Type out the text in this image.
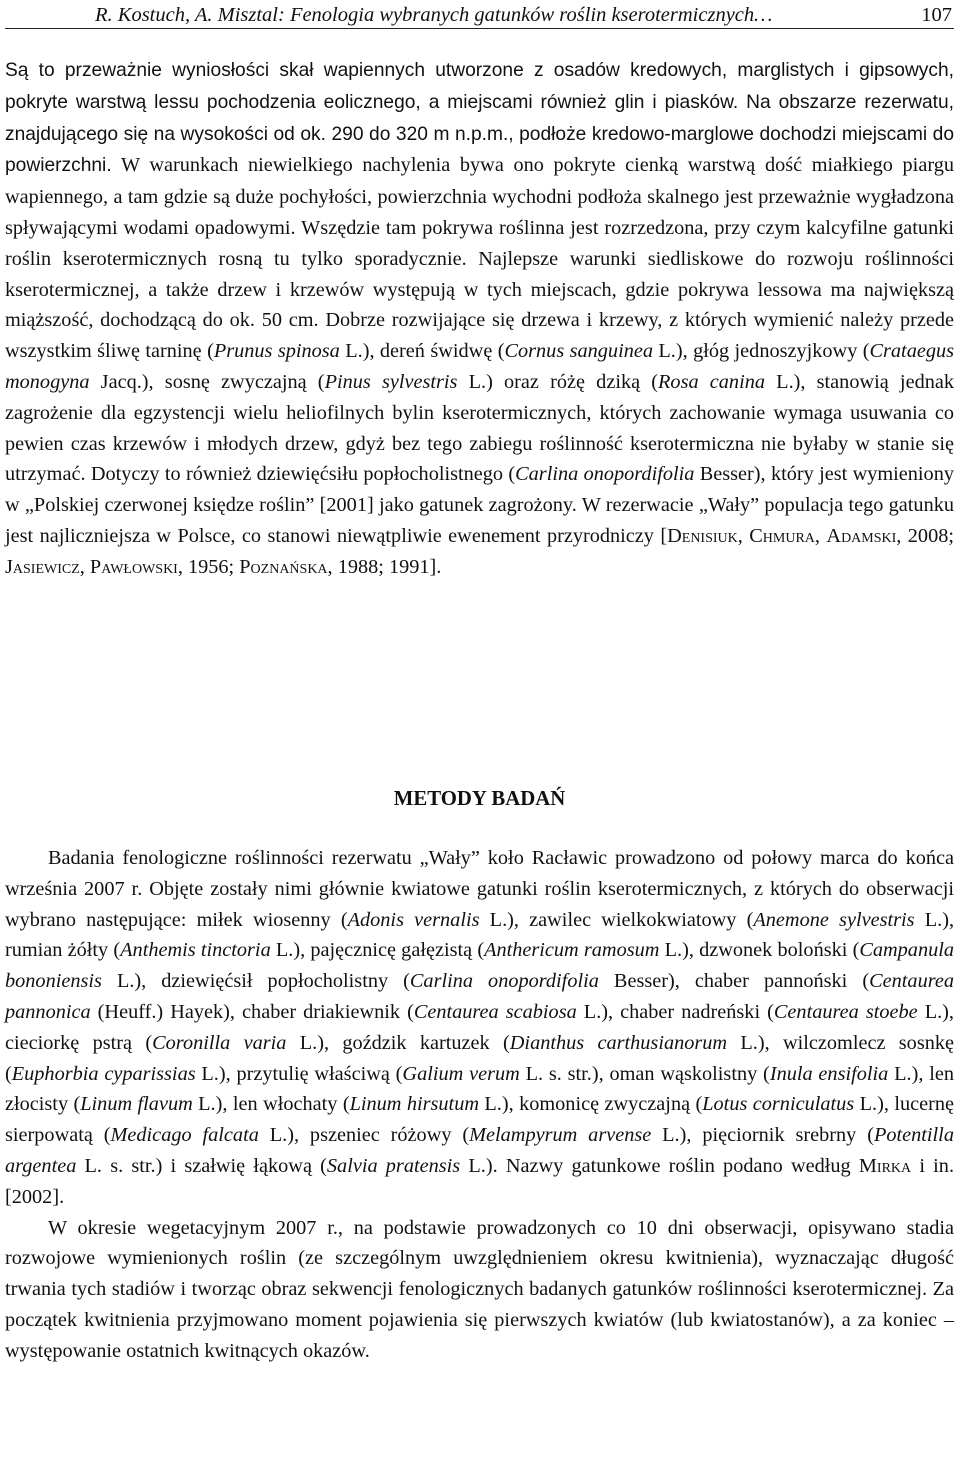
R. Kostuch, A. Misztal: Fenologia wybranych gatunków roślin kserotermicznych…	107

Są to przeważnie wyniosłości skał wapiennych utworzone z osadów kredowych, marglistych i gipsowych, pokryte warstwą lessu pochodzenia eolicznego, a miejscami również glin i piasków. Na obszarze rezerwatu, znajdującego się na wysokości od ok. 290 do 320 m n.p.m., podłoże kredowo-marglowe dochodzi miejscami do powierzchni. W warunkach niewielkiego nachylenia bywa ono pokryte cienką warstwą dość miałkiego piargu wapiennego, a tam gdzie są duże pochyłości, powierzchnia wychodni podłoża skalnego jest przeważnie wygładzona spływającymi wodami opadowymi. Wszędzie tam pokrywa roślinna jest rozrzedzona, przy czym kalcyfilne gatunki roślin kserotermicznych rosną tu tylko sporadycznie. Najlepsze warunki siedliskowe do rozwoju roślinności kserotermicznej, a także drzew i krzewów występują w tych miejscach, gdzie pokrywa lessowa ma największą miąższość, dochodzącą do ok. 50 cm. Dobrze rozwijające się drzewa i krzewy, z których wymienić należy przede wszystkim śliwę tarninę (Prunus spinosa L.), dereń świdwę (Cornus sanguinea L.), głóg jednoszyjkowy (Crataegus monogyna Jacq.), sosnę zwyczajną (Pinus sylvestris L.) oraz różę dziką (Rosa canina L.), stanowią jednak zagrożenie dla egzystencji wielu heliofilnych bylin kserotermicznych, których zachowanie wymaga usuwania co pewien czas krzewów i młodych drzew, gdyż bez tego zabiegu roślinność kserotermiczna nie byłaby w stanie się utrzymać. Dotyczy to również dziewięćsiłu popłocholistnego (Carlina onopordifolia Besser), który jest wymieniony w „Polskiej czerwonej księdze roślin” [2001] jako gatunek zagrożony. W rezerwacie „Wały” populacja tego gatunku jest najliczniejsza w Polsce, co stanowi niewątpliwie ewenement przyrodniczy [Denisiuk, Chmura, Adamski, 2008; Jasiewicz, Pawłowski, 1956; Poznańska, 1988; 1991].

METODY BADAŃ

Badania fenologiczne roślinności rezerwatu „Wały” koło Racławic prowadzono od połowy marca do końca września 2007 r. Objęte zostały nimi głównie kwiatowe gatunki roślin kserotermicznych, z których do obserwacji wybrano następujące: miłek wiosenny (Adonis vernalis L.), zawilec wielkokwiatowy (Anemone sylvestris L.), rumian żółty (Anthemis tinctoria L.), pajęcznicę gałęzistą (Anthericum ramosum L.), dzwonek boloński (Campanula bononiensis L.), dziewięćsił popłocholistny (Carlina onopordifolia Besser), chaber pannoński (Centaurea pannonica (Heuff.) Hayek), chaber driakiewnik (Centaurea scabiosa L.), chaber nadreński (Centaurea stoebe L.), cieciorkę pstrą (Coronilla varia L.), goździk kartuzek (Dianthus carthusianorum L.), wilczomlecz sosnkę (Euphorbia cyparissias L.), przytulię właściwą (Galium verum L. s. str.), oman wąskolistny (Inula ensifolia L.), len złocisty (Linum flavum L.), len włochaty (Linum hirsutum L.), komonicę zwyczajną (Lotus corniculatus L.), lucernę sierpowatą (Medicago falcata L.), pszeniec różowy (Melampyrum arvense L.), pięciornik srebrny (Potentilla argentea L. s. str.) i szałwię łąkową (Salvia pratensis L.). Nazwy gatunkowe roślin podano według Mirka i in. [2002].

W okresie wegetacyjnym 2007 r., na podstawie prowadzonych co 10 dni obserwacji, opisywano stadia rozwojowe wymienionych roślin (ze szczególnym uwzględnieniem okresu kwitnienia), wyznaczając długość trwania tych stadiów i tworząc obraz sekwencji fenologicznych badanych gatunków roślinności kserotermicznej. Za początek kwitnienia przyjmowano moment pojawienia się pierwszych kwiatów (lub kwiatostanów), a za koniec – występowanie ostatnich kwitnących okazów.
